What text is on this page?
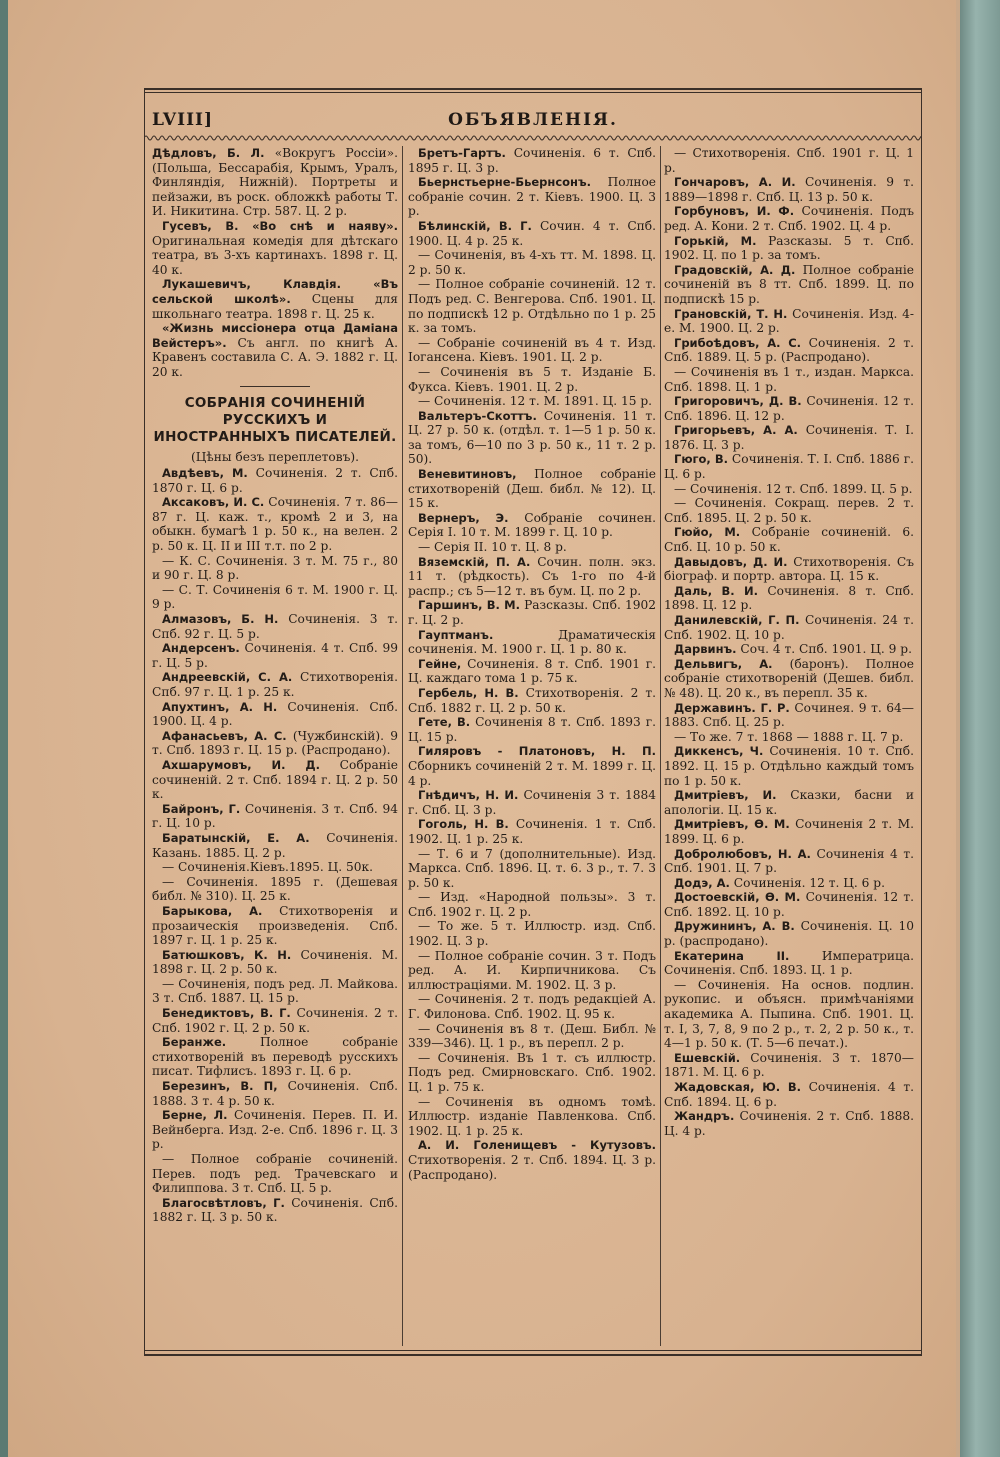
ОБЪЯВЛЕНІЯ.
LVIII]

Дѣдловъ, Б. Л. «Вокругъ Россіи».(Польша, Бессарабія, Крымъ, Уралъ, Финляндія, Нижній). Портреты и пейзажи, въ роск. обложкѣ работы Т. И. Никитина. Стр. 587. Ц. 2 р.

Гусевъ, В. «Во снѣ и наяву». Оригинальная комедія для дѣтскаго театра, въ 3-хъ картинахъ. 1898 г. Ц. 40 к.

Лукашевичъ, Клавдія. «Въ сельской школѣ». Сцены для школьнаго театра. 1898 г. Ц. 25 к.

«Жизнь миссіонера отца Даміана Вейстеръ». Съ англ. по книгѣ А. Кравенъ составила С. А. Э. 1882 г. Ц. 20 к.

СОБРАНІЯ СОЧИНЕНІЙ РУССКИХЪ И ИНОСТРАННЫХЪ ПИСАТЕЛЕЙ.
(Цѣны безъ переплетовъ).

Авдѣевъ, М. Сочиненія. 2 т. Спб. 1870 г. Ц. 6 р.

Аксаковъ, И. С. Сочиненія. 7 т. 86—87 г. Ц. каж. т., кромѣ 2 и 3, на обыкн. бумагѣ 1 р. 50 к., на велен. 2 р. 50 к. Ц. II и III т.т. по 2 р.

— К. С. Сочиненія. 3 т. М. 75 г., 80 и 90 г. Ц. 8 р.

— С. Т. Сочиненія 6 т. М. 1900 г. Ц. 9 р.

Алмазовъ, Б. Н. Сочиненія. 3 т. Спб. 92 г. Ц. 5 р.

Андерсенъ. Сочиненія. 4 т. Спб. 99 г. Ц. 5 р.

Андреевскій, С. А. Стихотворенія. Спб. 97 г. Ц. 1 р. 25 к.

Апухтинъ, А. Н. Сочиненія. Спб. 1900. Ц. 4 р.

Афанасьевъ, А. С. (Чужбинскій). 9 т. Спб. 1893 г. Ц. 15 р. (Распродано).

Ахшарумовъ, И. Д. Собраніе сочиненій. 2 т. Спб. 1894 г. Ц. 2 р. 50 к.

Байронъ, Г. Сочиненія. 3 т. Спб. 94 г. Ц. 10 р.

Баратынскій, Е. А. Сочиненія. Казань. 1885. Ц. 2 р.

— Сочиненія.Кіевъ.1895. Ц. 50к.

— Сочиненія. 1895 г. (Дешевая библ. № 310). Ц. 25 к.

Барыкова, А. Стихотворенія и прозаическія произведенія. Спб. 1897 г. Ц. 1 р. 25 к.

Батюшковъ, К. Н. Сочиненія. М. 1898 г. Ц. 2 р. 50 к.

— Сочиненія, подъ ред. Л. Майкова. 3 т. Спб. 1887. Ц. 15 р.

Бенедиктовъ, В. Г. Сочиненія. 2 т. Спб. 1902 г. Ц. 2 р. 50 к.

Беранже. Полное собраніе стихотвореній въ переводѣ русскихъ писат. Тифлисъ. 1893 г. Ц. 6 р.

Березинъ, В. П, Сочиненія. Спб. 1888. 3 т. 4 р. 50 к.

Берне, Л. Сочиненія. Перев. П. И. Вейнберга. Изд. 2-е. Спб. 1896 г. Ц. 3 р.

— Полное собраніе сочиненій. Перев. подъ ред. Трачевскаго и Филиппова. 3 т. Спб. Ц. 5 р.

Благосвѣтловъ, Г. Сочиненія. Спб. 1882 г. Ц. 3 р. 50 к.

Бретъ-Гартъ. Сочиненія. 6 т. Спб. 1895 г. Ц. 3 р.

Бьернстьерне-Бьернсонъ. Полное собраніе сочин. 2 т. Кіевъ. 1900. Ц. 3 р.

Бѣлинскій, В. Г. Сочин. 4 т. Спб. 1900. Ц. 4 р. 25 к.

— Сочиненія, въ 4-хъ тт. М. 1898. Ц. 2 р. 50 к.

— Полное собраніе сочиненій. 12 т. Подъ ред. С. Венгерова. Спб. 1901. Ц. по подпискѣ 12 р. Отдѣльно по 1 р. 25 к. за томъ.

— Собраніе сочиненій въ 4 т. Изд. Іогансена. Кіевъ. 1901. Ц. 2 р.

— Сочиненія въ 5 т. Изданіе Б. Фукса. Кіевъ. 1901. Ц. 2 р.

— Сочиненія. 12 т. М. 1891. Ц. 15 р.

Вальтеръ-Скоттъ. Сочиненія. 11 т. Ц. 27 р. 50 к. (отдѣл. т. 1—5 1 р. 50 к. за томъ, 6—10 по 3 р. 50 к., 11 т. 2 р. 50).

Веневитиновъ, Полное собраніе стихотвореній (Деш. библ. № 12). Ц. 15 к.

Вернеръ, Э. Собраніе сочинен. Серія I. 10 т. М. 1899 г. Ц. 10 р.

— Серія II. 10 т. Ц. 8 р.

Вяземскій, П. А. Сочин. полн. экз. 11 т. (рѣдкость). Съ 1-го по 4-й распр.; съ 5—12 т. въ бум. Ц. по 2 р.

Гаршинъ, В. М. Разсказы. Спб. 1902 г. Ц. 2 р.

Гауптманъ. Драматическія сочиненія. М. 1900 г. Ц. 1 р. 80 к.

Гейне, Сочиненія. 8 т. Спб. 1901 г. Ц. каждаго тома 1 р. 75 к.

Гербель, Н. В. Стихотворенія. 2 т. Спб. 1882 г. Ц. 2 р. 50 к.

Гете, В. Сочиненія 8 т. Спб. 1893 г. Ц. 15 р.

Гиляровъ - Платоновъ, Н. П. Сборникъ сочиненій 2 т. М. 1899 г. Ц. 4 р.

Гнѣдичъ, Н. И. Сочиненія 3 т. 1884 г. Спб. Ц. 3 р.

Гоголь, Н. В. Сочиненія. 1 т. Спб. 1902. Ц. 1 р. 25 к.

— Т. 6 и 7 (дополнительные). Изд. Маркса. Спб. 1896. Ц. т. 6. 3 р., т. 7. 3 р. 50 к.

— Изд. «Народной пользы». 3 т. Спб. 1902 г. Ц. 2 р.

— То же. 5 т. Иллюстр. изд. Спб. 1902. Ц. 3 р.

— Полное собраніе сочин. 3 т. Подъ ред. А. И. Кирпичникова. Съ иллюстраціями. М. 1902. Ц. 3 р.

— Сочиненія. 2 т. подъ редакціей А. Г. Филонова. Спб. 1902. Ц. 95 к.

— Сочиненія въ 8 т. (Деш. Библ. № 339—346). Ц. 1 р., въ перепл. 2 р.

— Сочиненія. Въ 1 т. съ иллюстр. Подъ ред. Смирновскаго. Спб. 1902. Ц. 1 р. 75 к.

— Сочиненія въ одномъ томѣ. Иллюстр. изданіе Павленкова. Спб. 1902. Ц. 1 р. 25 к.

А. И. Голенищевъ - Кутузовъ. Стихотворенія. 2 т. Спб. 1894. Ц. 3 р. (Распродано).

— Стихотворенія. Спб. 1901 г. Ц. 1 р.

Гончаровъ, А. И. Сочиненія. 9 т. 1889—1898 г. Спб. Ц. 13 р. 50 к.

Горбуновъ, И. Ф. Сочиненія. Подъ ред. А. Кони. 2 т. Спб. 1902. Ц. 4 р.

Горькій, М. Разсказы. 5 т. Спб. 1902. Ц. по 1 р. за томъ.

Градовскій, А. Д. Полное собраніе сочиненій въ 8 тт. Спб. 1899. Ц. по подпискѣ 15 р.

Грановскій, Т. Н. Сочиненія. Изд. 4-е. М. 1900. Ц. 2 р.

Грибоѣдовъ, А. С. Сочиненія. 2 т. Спб. 1889. Ц. 5 р. (Распродано).

— Сочиненія въ 1 т., издан. Маркса. Спб. 1898. Ц. 1 р.

Григоровичъ, Д. В. Сочиненія. 12 т. Спб. 1896. Ц. 12 р.

Григорьевъ, А. А. Сочиненія. Т. I. 1876. Ц. 3 р.

Гюго, В. Сочиненія. Т. I. Спб. 1886 г. Ц. 6 р.

— Сочиненія. 12 т. Спб. 1899. Ц. 5 р.

— Сочиненія. Сокращ. перев. 2 т. Спб. 1895. Ц. 2 р. 50 к.

Гюйо, М. Собраніе сочиненій. 6. Спб. Ц. 10 р. 50 к.

Давыдовъ, Д. И. Стихотворенія. Съ біограф. и портр. автора. Ц. 15 к.

Даль, В. И. Сочиненія. 8 т. Спб. 1898. Ц. 12 р.

Данилевскій, Г. П. Сочиненія. 24 т. Спб. 1902. Ц. 10 р.

Дарвинъ. Соч. 4 т. Спб. 1901. Ц. 9 р.

Дельвигъ, А. (баронъ). Полное собраніе стихотвореній (Дешев. библ. № 48). Ц. 20 к., въ перепл. 35 к.

Державинъ. Г. Р. Сочинея. 9 т. 64—1883. Спб. Ц. 25 р.

— То же. 7 т. 1868 — 1888 г. Ц. 7 р.

Диккенсъ, Ч. Сочиненія. 10 т. Спб. 1892. Ц. 15 р. Отдѣльно каждый томъ по 1 р. 50 к.

Дмитріевъ, И. Сказки, басни и апологіи. Ц. 15 к.

Дмитріевъ, Ѳ. М. Сочиненія 2 т. М. 1899. Ц. 6 р.

Добролюбовъ, Н. А. Сочиненія 4 т. Спб. 1901. Ц. 7 р.

Додэ, А. Сочиненія. 12 т. Ц. 6 р.

Достоевскій, Ѳ. М. Сочиненія. 12 т. Спб. 1892. Ц. 10 р.

Дружининъ, А. В. Сочиненія. Ц. 10 р. (распродано).

Екатерина II. Императрица. Сочиненія. Спб. 1893. Ц. 1 р.

— Сочиненія. На основ. подлин. рукопис. и объясн. примѣчаніями академика А. Пыпина. Спб. 1901. Ц. т. I, 3, 7, 8, 9 по 2 р., т. 2, 2 р. 50 к., т. 4—1 р. 50 к. (Т. 5—6 печат.).

Ешевскій. Сочиненія. 3 т. 1870—1871. М. Ц. 6 р.

Жадовская, Ю. В. Сочиненія. 4 т. Спб. 1894. Ц. 6 р.

Жандръ. Сочиненія. 2 т. Спб. 1888. Ц. 4 р.
